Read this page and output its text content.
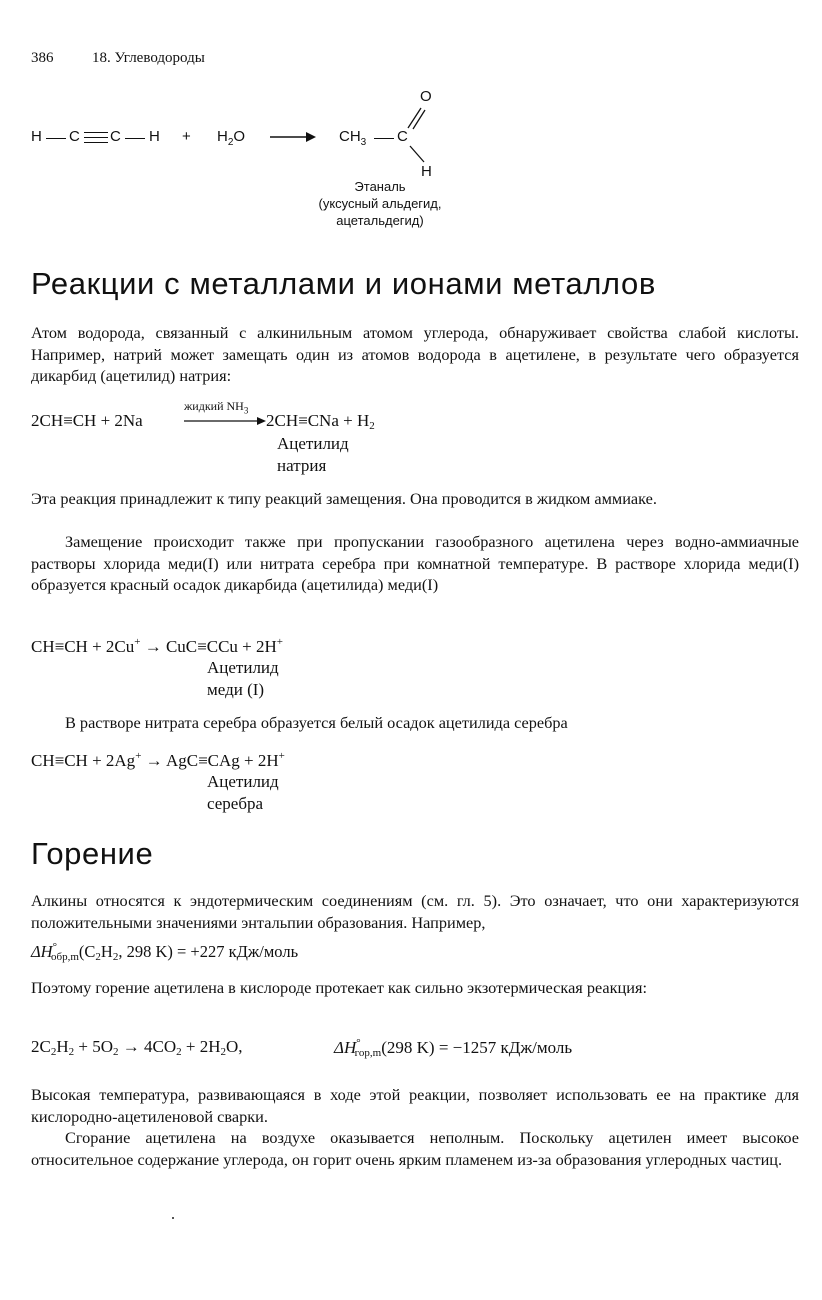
386	18. Углеводороды
H C C $H + H_2O \to CH_3$ C
O
H
Этаналь
(уксусный альдегид,
ацетальдегид)
Реакции с металлами и ионами металлов
Атом водорода, связанный с алкинильным атомом углерода, обнаруживает свойства слабой кислоты. Например, натрий может замещать один из атомов водорода в ацетилене, в результате чего образуется дикарбид (ацетилид) натрия:
2CH≡CH + 2Na
жидкий $NH_3$
$2CH\equiv CNa + H_2$
Ацетилид
натрия
Эта реакция принадлежит к типу реакций замещения. Она проводится в жидком аммиаке.
Замещение происходит также при пропускании газообразного ацетилена через водно-аммиачные растворы хлорида меди(I) или нитрата серебра при комнатной температуре. В растворе хлорида меди(I) образуется красный осадок дикарбида (ацетилида) меди(I)
CH≡CH + 2Cu+ → CuC≡CCu + 2H+
Ацетилид
меди (I)
В растворе нитрата серебра образуется белый осадок ацетилида серебра
CH≡CH + 2Ag+ → AgC≡CAg + 2H+
Ацетилид
серебра
Горение
Алкины относятся к эндотермическим соединениям (см. гл. 5). Это означает, что они характеризуются положительными значениями энтальпии образования. Например,
$\Delta H^\circ_{обр,m}(C_2H_2$, 298 K) = +227 кДж/моль
Поэтому горение ацетилена в кислороде протекает как сильно экзотермическая реакция:
$2C_2H_2 + 5O_2 \to 4CO_2 + 2H_2O$,	$\Delta H^\circ_{гор,m}(298$ K) = −1257 кДж/моль
Высокая температура, развивающаяся в ходе этой реакции, позволяет использовать ее на практике для кислородно-ацетиленовой сварки.
Сгорание ацетилена на воздухе оказывается неполным. Поскольку ацетилен имеет высокое относительное содержание углерода, он горит очень ярким пламенем из-за образования углеродных частиц.
